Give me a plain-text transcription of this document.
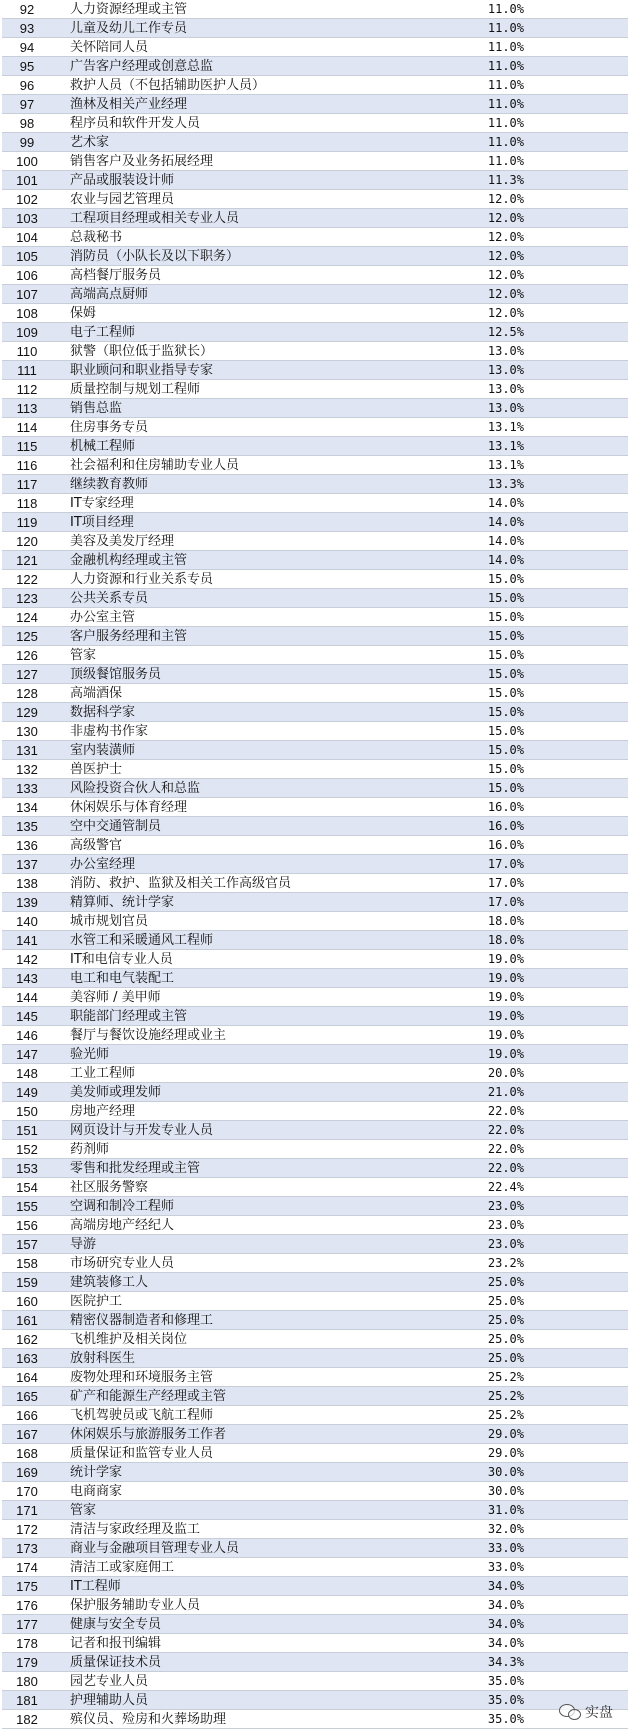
92	人力资源经理或主管	11.0%
93	儿童及幼儿工作专员	11.0%
94	关怀陪同人员	11.0%
95	广告客户经理或创意总监	11.0%
96	救护人员（不包括辅助医护人员）	11.0%
97	渔林及相关产业经理	11.0%
98	程序员和软件开发人员	11.0%
99	艺术家	11.0%
100	销售客户及业务拓展经理	11.0%
101	产品或服装设计师	11.3%
102	农业与园艺管理员	12.0%
103	工程项目经理或相关专业人员	12.0%
104	总裁秘书	12.0%
105	消防员（小队长及以下职务）	12.0%
106	高档餐厅服务员	12.0%
107	高端高点厨师	12.0%
108	保姆	12.0%
109	电子工程师	12.5%
110	狱警（职位低于监狱长）	13.0%
111	职业顾问和职业指导专家	13.0%
112	质量控制与规划工程师	13.0%
113	销售总监	13.0%
114	住房事务专员	13.1%
115	机械工程师	13.1%
116	社会福利和住房辅助专业人员	13.1%
117	继续教育教师	13.3%
118	IT专家经理	14.0%
119	IT项目经理	14.0%
120	美容及美发厅经理	14.0%
121	金融机构经理或主管	14.0%
122	人力资源和行业关系专员	15.0%
123	公共关系专员	15.0%
124	办公室主管	15.0%
125	客户服务经理和主管	15.0%
126	管家	15.0%
127	顶级餐馆服务员	15.0%
128	高端酒保	15.0%
129	数据科学家	15.0%
130	非虚构书作家	15.0%
131	室内装潢师	15.0%
132	兽医护士	15.0%
133	风险投资合伙人和总监	15.0%
134	休闲娱乐与体育经理	16.0%
135	空中交通管制员	16.0%
136	高级警官	16.0%
137	办公室经理	17.0%
138	消防、救护、监狱及相关工作高级官员	17.0%
139	精算师、统计学家	17.0%
140	城市规划官员	18.0%
141	水管工和采暖通风工程师	18.0%
142	IT和电信专业人员	19.0%
143	电工和电气装配工	19.0%
144	美容师 / 美甲师	19.0%
145	职能部门经理或主管	19.0%
146	餐厅与餐饮设施经理或业主	19.0%
147	验光师	19.0%
148	工业工程师	20.0%
149	美发师或理发师	21.0%
150	房地产经理	22.0%
151	网页设计与开发专业人员	22.0%
152	药剂师	22.0%
153	零售和批发经理或主管	22.0%
154	社区服务警察	22.4%
155	空调和制冷工程师	23.0%
156	高端房地产经纪人	23.0%
157	导游	23.0%
158	市场研究专业人员	23.2%
159	建筑装修工人	25.0%
160	医院护工	25.0%
161	精密仪器制造者和修理工	25.0%
162	飞机维护及相关岗位	25.0%
163	放射科医生	25.0%
164	废物处理和环境服务主管	25.2%
165	矿产和能源生产经理或主管	25.2%
166	飞机驾驶员或飞航工程师	25.2%
167	休闲娱乐与旅游服务工作者	29.0%
168	质量保证和监管专业人员	29.0%
169	统计学家	30.0%
170	电商商家	30.0%
171	管家	31.0%
172	清洁与家政经理及监工	32.0%
173	商业与金融项目管理专业人员	33.0%
174	清洁工或家庭佣工	33.0%
175	IT工程师	34.0%
176	保护服务辅助专业人员	34.0%
177	健康与安全专员	34.0%
178	记者和报刊编辑	34.0%
179	质量保证技术员	34.3%
180	园艺专业人员	35.0%
181	护理辅助人员	35.0%
182	殡仪员、殓房和火葬场助理	35.0%	实盘
